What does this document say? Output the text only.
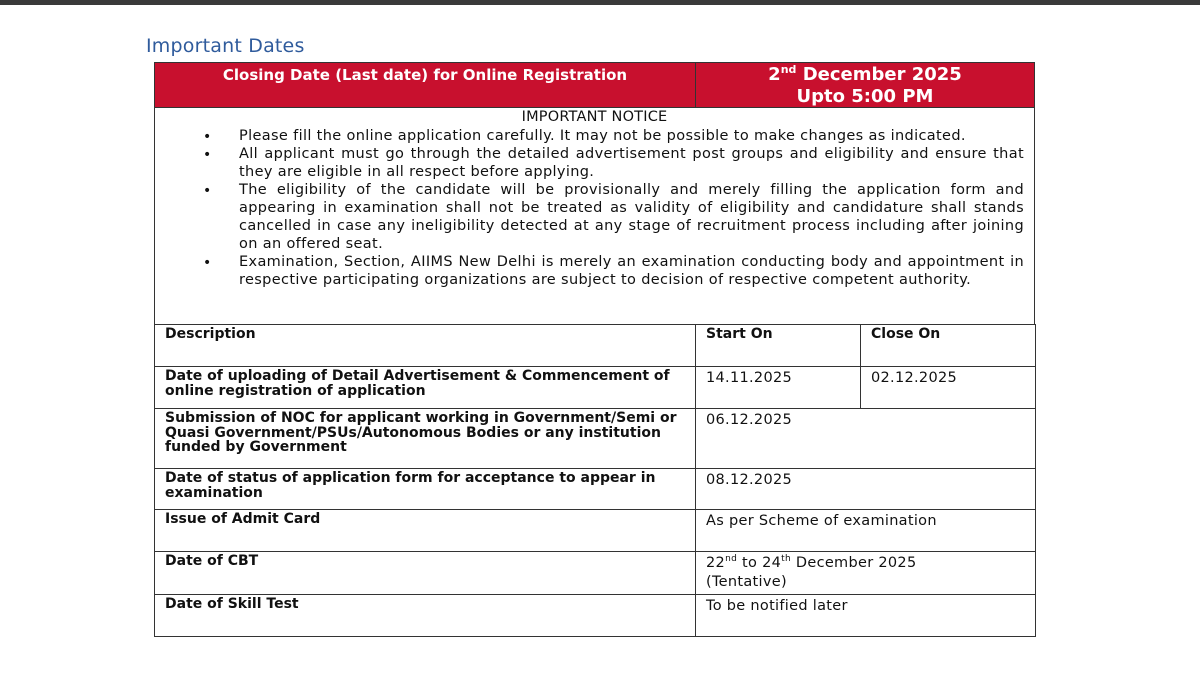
Important Dates
Closing Date (Last date) for Online Registration	2nd December 2025
Upto 5:00 PM
IMPORTANT NOTICE
• Please fill the online application carefully. It may not be possible to make changes as indicated.
• All applicant must go through the detailed advertisement post groups and eligibility and ensure that they are eligible in all respect before applying.
• The eligibility of the candidate will be provisionally and merely filling the application form and appearing in examination shall not be treated as validity of eligibility and candidature shall stands cancelled in case any ineligibility detected at any stage of recruitment process including after joining on an offered seat.
• Examination, Section, AIIMS New Delhi is merely an examination conducting body and appointment in respective participating organizations are subject to decision of respective competent authority.
Description	Start On	Close On
Date of uploading of Detail Advertisement & Commencement of online registration of application	14.11.2025	02.12.2025
Submission of NOC for applicant working in Government/Semi or Quasi Government/PSUs/Autonomous Bodies or any institution funded by Government	06.12.2025	
Date of status of application form for acceptance to appear in examination	08.12.2025	
Issue of Admit Card	As per Scheme of examination	
Date of CBT	22nd to 24th December 2025
(Tentative)	
Date of Skill Test	To be notified later	
